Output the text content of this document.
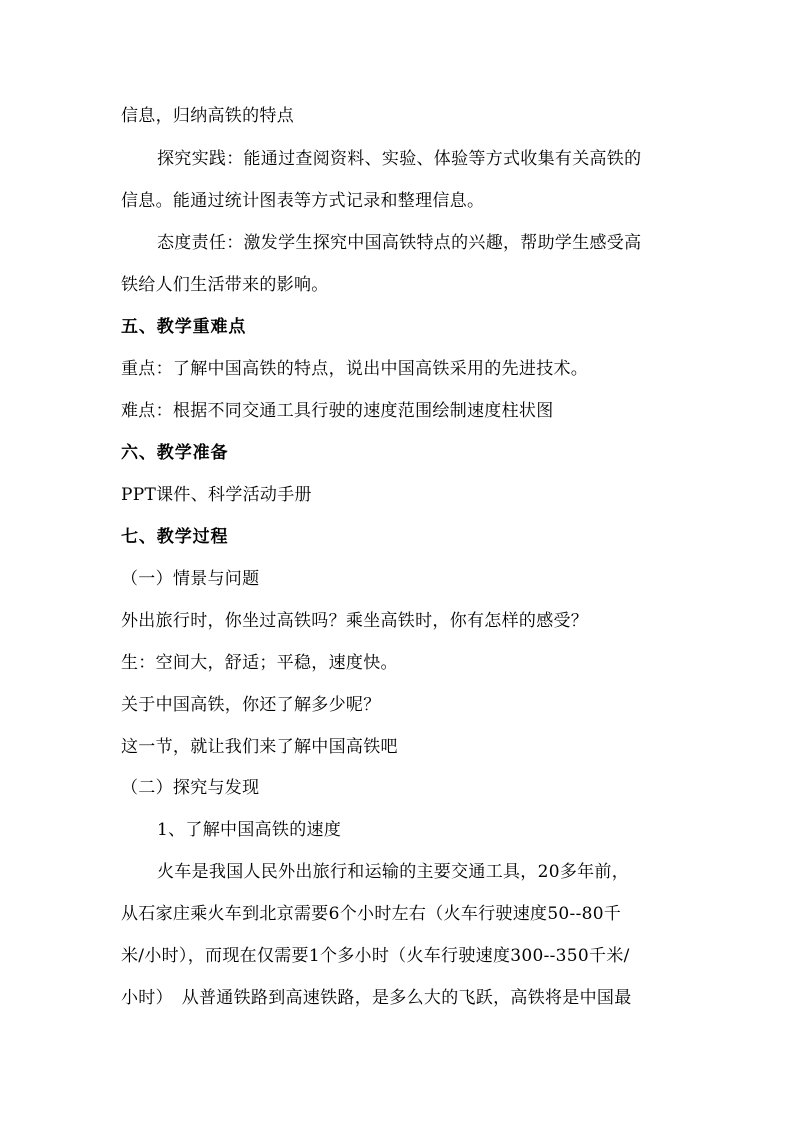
信息，归纳高铁的特点
探究实践：能通过查阅资料、实验、体验等方式收集有关高铁的
信息。能通过统计图表等方式记录和整理信息。
态度责任：激发学生探究中国高铁特点的兴趣，帮助学生感受高
铁给人们生活带来的影响。
五、教学重难点
重点：了解中国高铁的特点，说出中国高铁采用的先进技术。
难点：根据不同交通工具行驶的速度范围绘制速度柱状图
六、教学准备
PPT课件、科学活动手册
七、教学过程
（一）情景与问题
外出旅行时，你坐过高铁吗？乘坐高铁时，你有怎样的感受？
生：空间大，舒适；平稳，速度快。
关于中国高铁，你还了解多少呢？
这一节，就让我们来了解中国高铁吧
（二）探究与发现
1、了解中国高铁的速度
火车是我国人民外出旅行和运输的主要交通工具，20多年前，
从石家庄乘火车到北京需要6个小时左右（火车行驶速度50--80千
米/小时），而现在仅需要1个多小时（火车行驶速度300--350千米/
小时）　从普通铁路到高速铁路，是多么大的飞跃，高铁将是中国最
